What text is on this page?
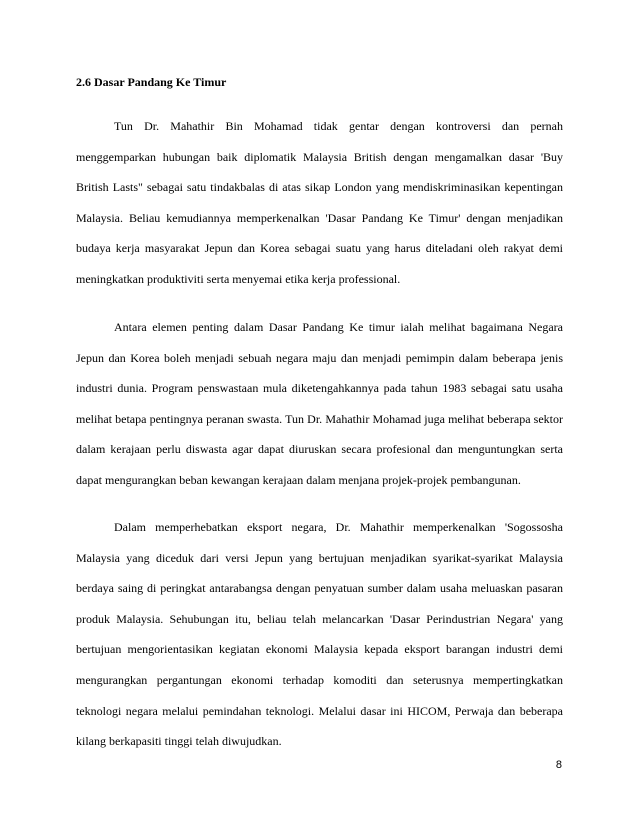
2.6 Dasar Pandang Ke Timur

Tun Dr. Mahathir Bin Mohamad tidak gentar dengan kontroversi dan pernah menggemparkan hubungan baik diplomatik Malaysia British dengan mengamalkan dasar 'Buy British Lasts" sebagai satu tindakbalas di atas sikap London yang mendiskriminasikan kepentingan Malaysia. Beliau kemudiannya memperkenalkan 'Dasar Pandang Ke Timur' dengan menjadikan budaya kerja masyarakat Jepun dan Korea sebagai suatu yang harus diteladani oleh rakyat demi meningkatkan produktiviti serta menyemai etika kerja professional.

Antara elemen penting dalam Dasar Pandang Ke timur ialah melihat bagaimana Negara Jepun dan Korea boleh menjadi sebuah negara maju dan menjadi pemimpin dalam beberapa jenis industri dunia. Program penswastaan mula diketengahkannya pada tahun 1983 sebagai satu usaha melihat betapa pentingnya peranan swasta. Tun Dr. Mahathir Mohamad juga melihat beberapa sektor dalam kerajaan perlu diswasta agar dapat diuruskan secara profesional dan menguntungkan serta dapat mengurangkan beban kewangan kerajaan dalam menjana projek-projek pembangunan.

Dalam memperhebatkan eksport negara, Dr. Mahathir memperkenalkan 'Sogossosha Malaysia yang diceduk dari versi Jepun yang bertujuan menjadikan syarikat-syarikat Malaysia berdaya saing di peringkat antarabangsa dengan penyatuan sumber dalam usaha meluaskan pasaran produk Malaysia. Sehubungan itu, beliau telah melancarkan 'Dasar Perindustrian Negara' yang bertujuan mengorientasikan kegiatan ekonomi Malaysia kepada eksport barangan industri demi mengurangkan pergantungan ekonomi terhadap komoditi dan seterusnya mempertingkatkan teknologi negara melalui pemindahan teknologi. Melalui dasar ini HICOM, Perwaja dan beberapa kilang berkapasiti tinggi telah diwujudkan.

8
